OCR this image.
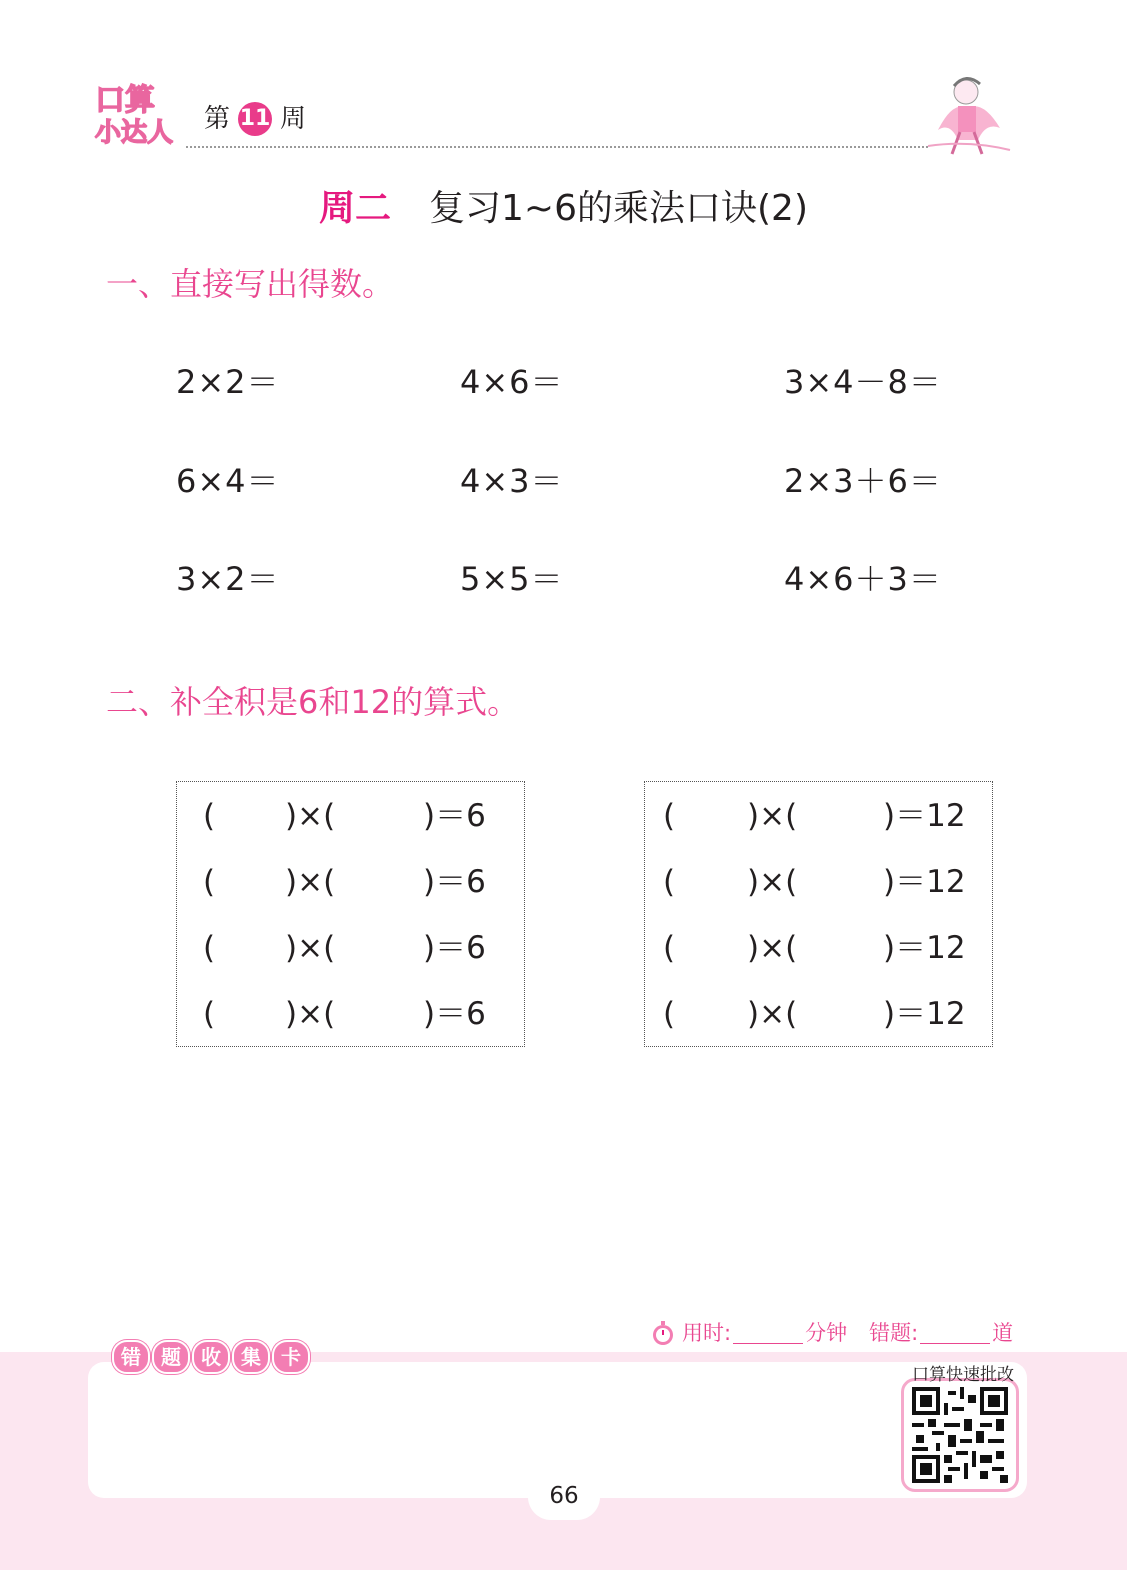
口算
小达人 第 11 周
周二 复习1~6的乘法口诀(2)
一、直接写出得数。
2×2＝	4×6＝	3×4－8＝
6×4＝	4×3＝	2×3＋6＝
3×2＝	5×5＝	4×6＋3＝
二、补全积是6和12的算式。
( )×(	)＝6
( )×(	)＝6
( )×(	)＝6
( )×(	)＝6
( )×(	)＝12
( )×(	)＝12
( )×(	)＝12
( )×(	)＝12
用时:	分钟 错题:	道
错	题	收	集	卡
口算快速批改
66
